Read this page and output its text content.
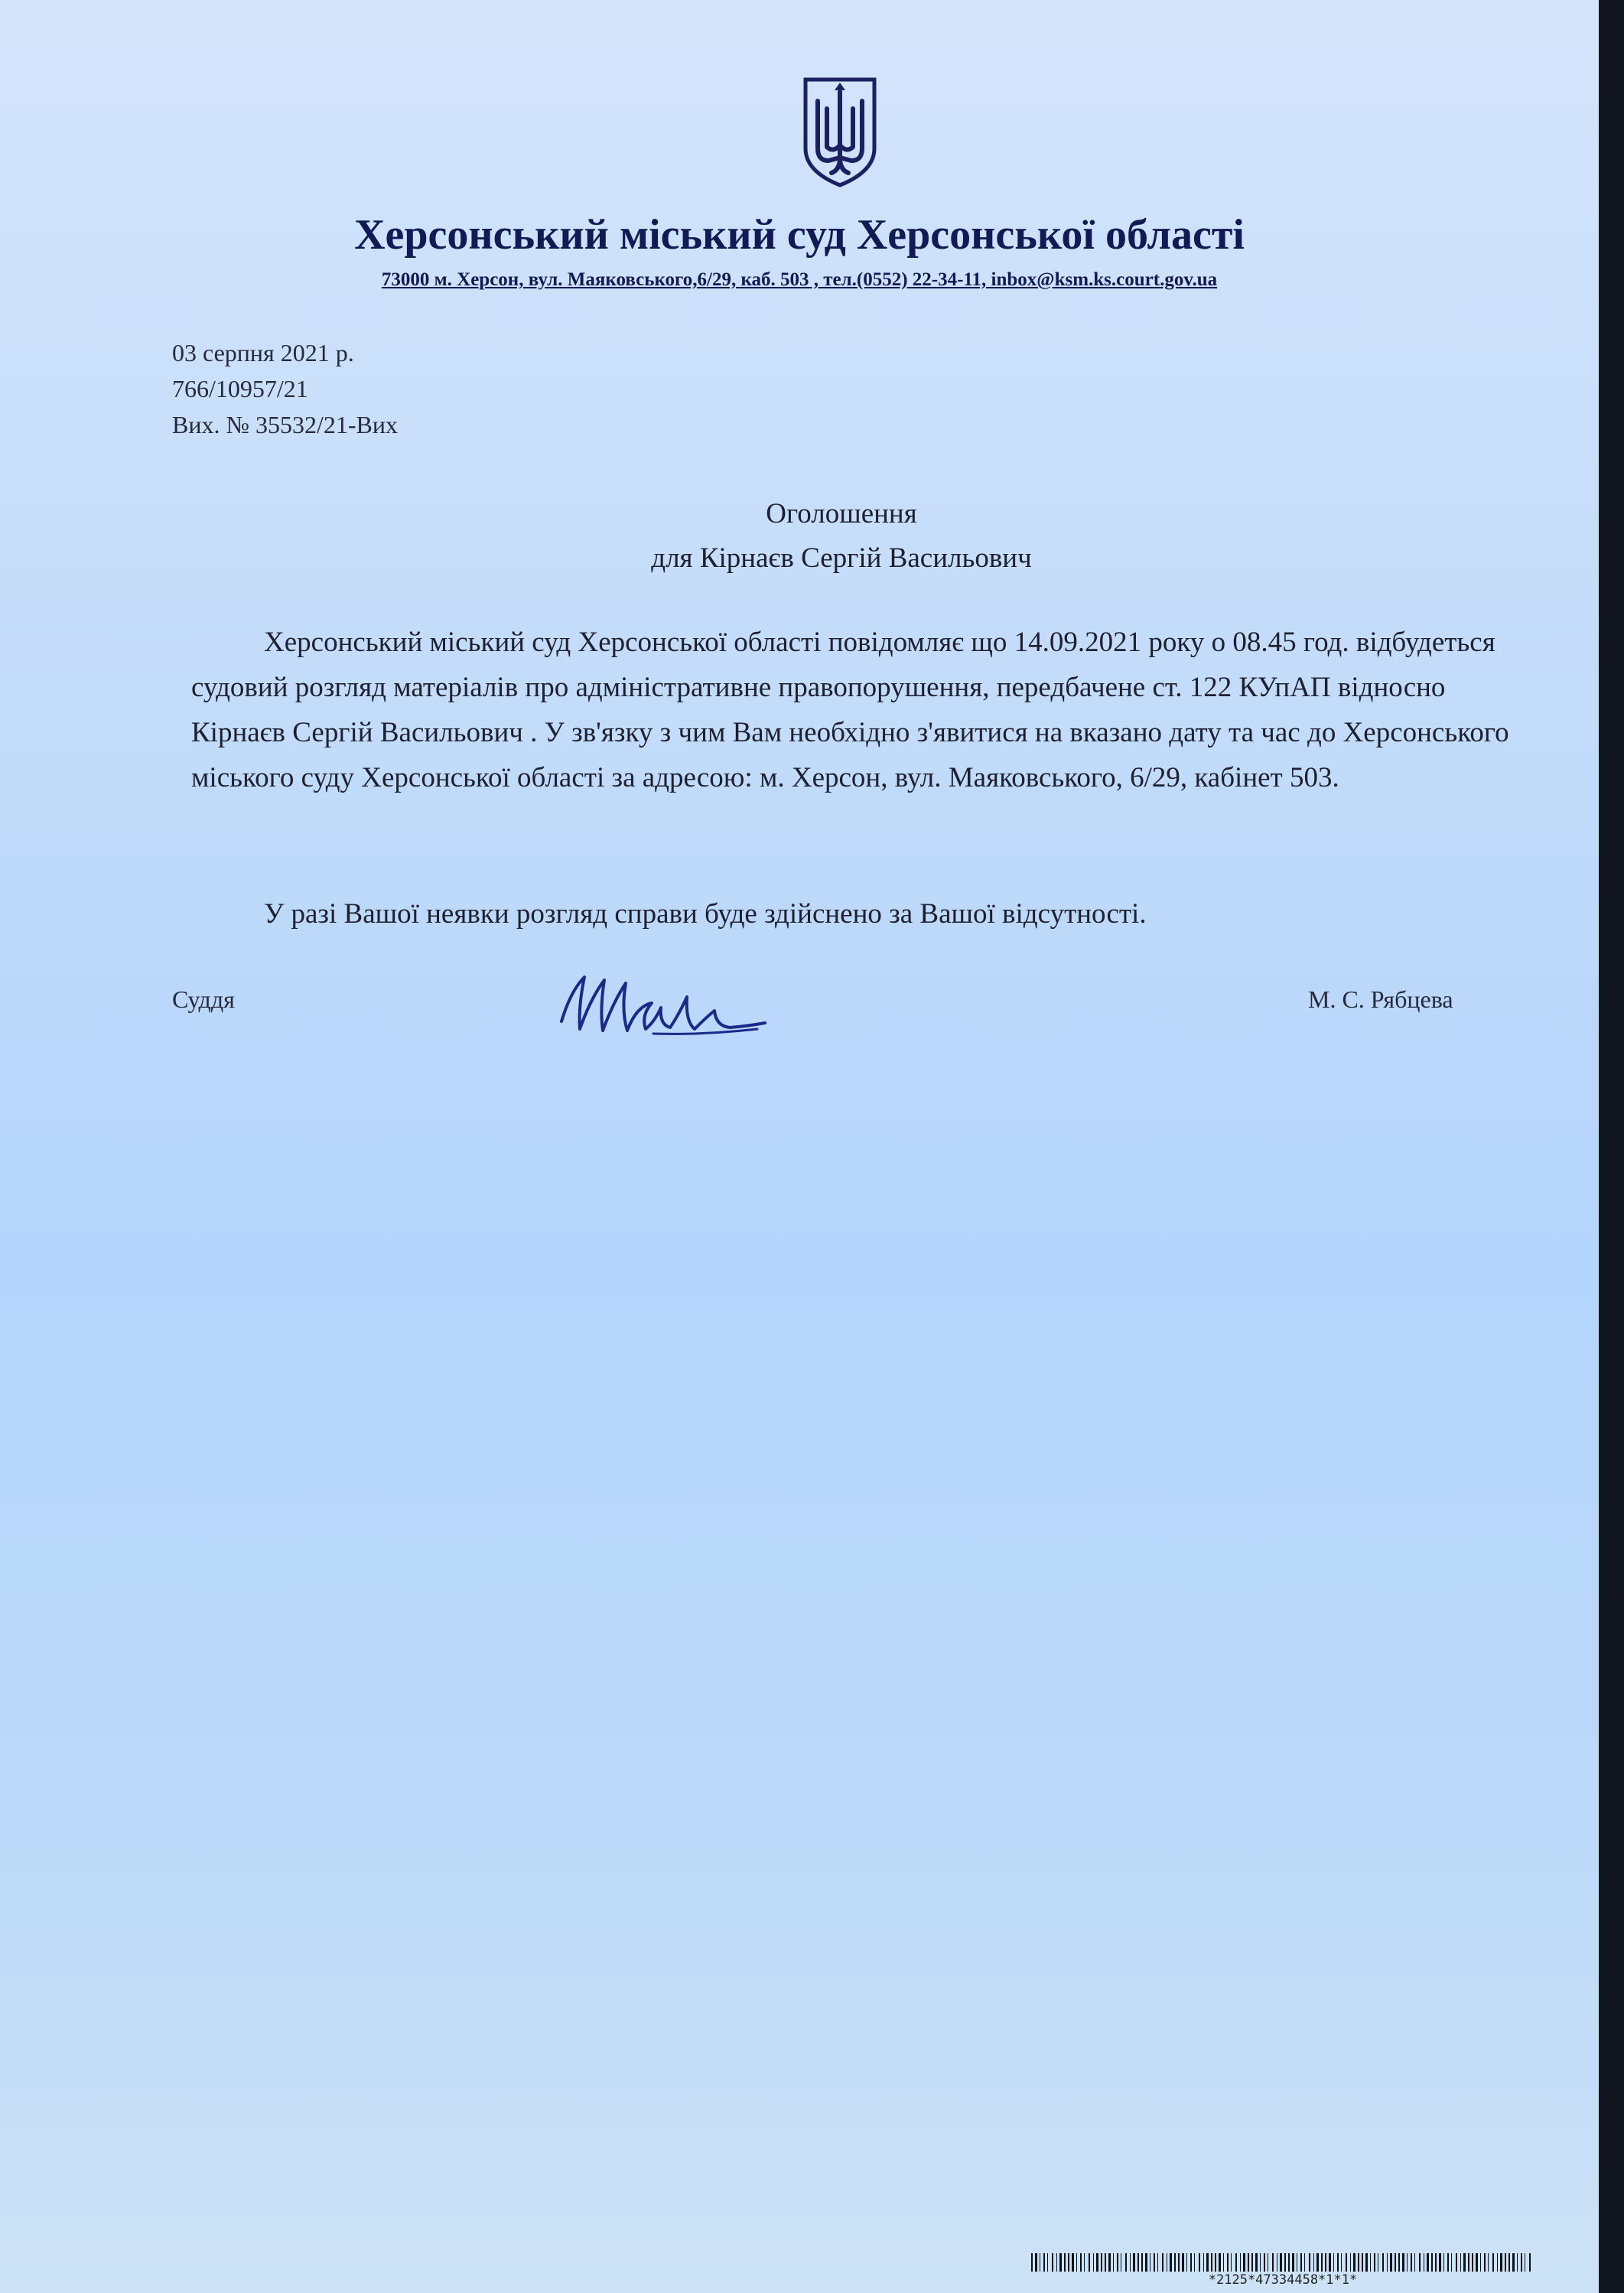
Херсонський міський суд Херсонської області
73000 м. Херсон, вул. Маяковського,6/29, каб. 503 , тел.(0552) 22-34-11, inbox@ksm.ks.court.gov.ua
03 серпня 2021 р.
766/10957/21
Вих. № 35532/21-Вих
Оголошення
для Кірнаєв Сергій Васильович
Херсонський міський суд Херсонської області повідомляє що 14.09.2021 року о 08.45 год. відбудеться судовий розгляд матеріалів про адміністративне правопорушення, передбачене ст. 122 КУпАП відносно Кірнаєв Сергій Васильович . У зв'язку з чим Вам необхідно з'явитися на вказано дату та час до Херсонського міського суду Херсонської області за адресою: м. Херсон, вул. Маяковського, 6/29, кабінет 503.
У разі Вашої неявки розгляд справи буде здійснено за Вашої відсутності.
Суддя	М. С. Рябцева
*2125*47334458*1*1*
